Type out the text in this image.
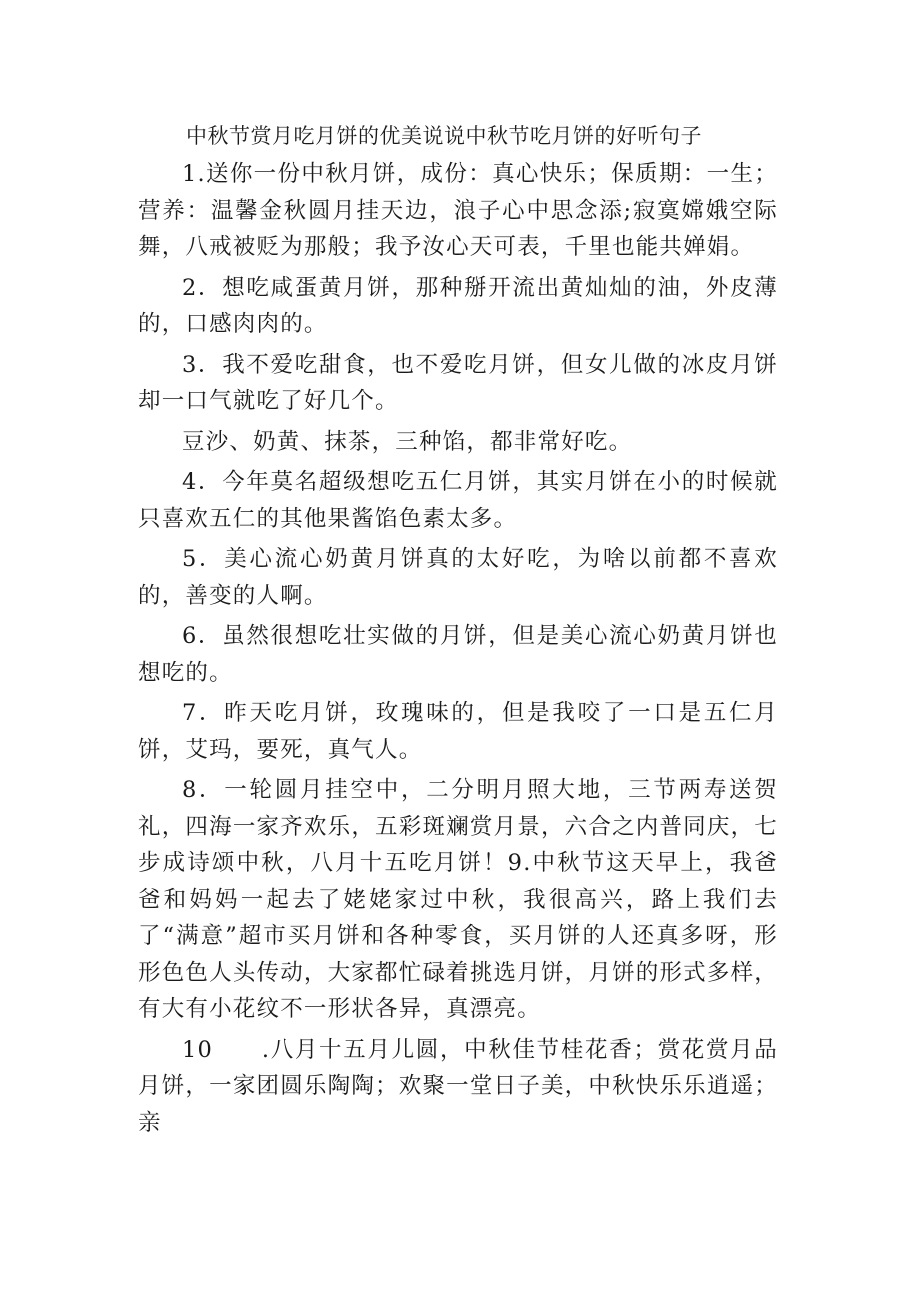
中秋节赏月吃月饼的优美说说中秋节吃月饼的好听句子

1.送你一份中秋月饼，成份：真心快乐；保质期：一生；营养：温馨金秋圆月挂天边，浪子心中思念添;寂寞嫦娥空际舞，八戒被贬为那般；我予汝心天可表，千里也能共婵娟。

2．想吃咸蛋黄月饼，那种掰开流出黄灿灿的油，外皮薄的，口感肉肉的。

3．我不爱吃甜食，也不爱吃月饼，但女儿做的冰皮月饼却一口气就吃了好几个。

豆沙、奶黄、抹茶，三种馅，都非常好吃。

4．今年莫名超级想吃五仁月饼，其实月饼在小的时候就只喜欢五仁的其他果酱馅色素太多。

5．美心流心奶黄月饼真的太好吃，为啥以前都不喜欢的，善变的人啊。

6．虽然很想吃壮实做的月饼，但是美心流心奶黄月饼也想吃的。

7．昨天吃月饼，玫瑰味的，但是我咬了一口是五仁月饼，艾玛，要死，真气人。

8．一轮圆月挂空中，二分明月照大地，三节两寿送贺礼，四海一家齐欢乐，五彩斑斓赏月景，六合之内普同庆，七步成诗颂中秋，八月十五吃月饼！9.中秋节这天早上，我爸爸和妈妈一起去了姥姥家过中秋，我很高兴，路上我们去了“满意”超市买月饼和各种零食，买月饼的人还真多呀，形形色色人头传动，大家都忙碌着挑选月饼，月饼的形式多样，有大有小花纹不一形状各异，真漂亮。

10　　.八月十五月儿圆，中秋佳节桂花香；赏花赏月品月饼，一家团圆乐陶陶；欢聚一堂日子美，中秋快乐乐逍遥；亲
